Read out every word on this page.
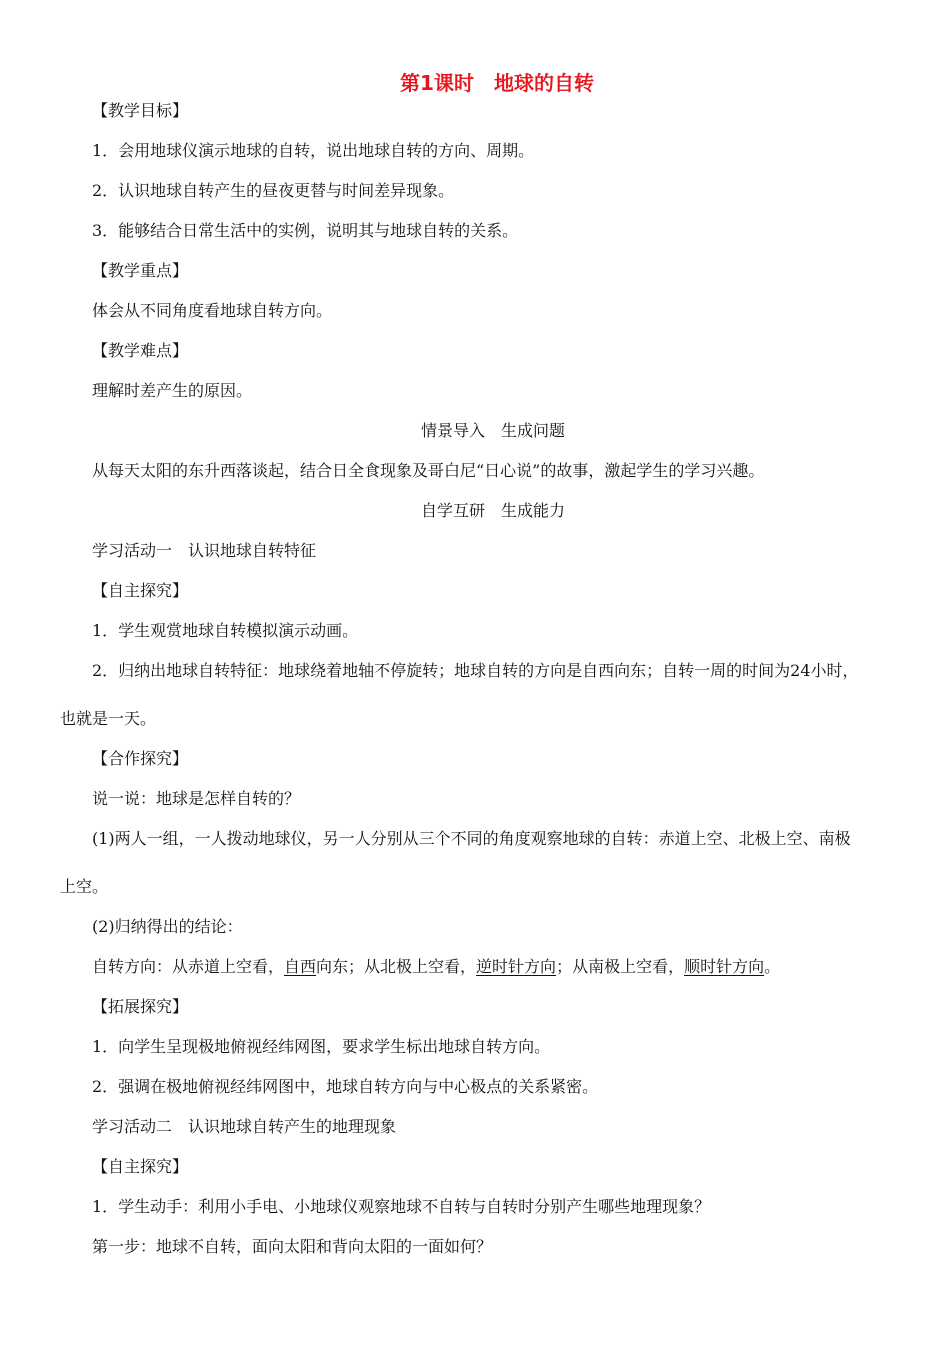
第1课时　地球的自转
【教学目标】
1．会用地球仪演示地球的自转，说出地球自转的方向、周期。
2．认识地球自转产生的昼夜更替与时间差异现象。
3．能够结合日常生活中的实例，说明其与地球自转的关系。
【教学重点】
体会从不同角度看地球自转方向。
【教学难点】
理解时差产生的原因。
情景导入　生成问题
从每天太阳的东升西落谈起，结合日全食现象及哥白尼“日心说”的故事，激起学生的学习兴趣。
自学互研　生成能力
学习活动一　认识地球自转特征
【自主探究】
1．学生观赏地球自转模拟演示动画。
2．归纳出地球自转特征：地球绕着地轴不停旋转；地球自转的方向是自西向东；自转一周的时间为24小时，
也就是一天。
【合作探究】
说一说：地球是怎样自转的？
(1)两人一组，一人拨动地球仪，另一人分别从三个不同的角度观察地球的自转：赤道上空、北极上空、南极
上空。
(2)归纳得出的结论：
自转方向：从赤道上空看，自西向东；从北极上空看，逆时针方向；从南极上空看，顺时针方向。
【拓展探究】
1．向学生呈现极地俯视经纬网图，要求学生标出地球自转方向。
2．强调在极地俯视经纬网图中，地球自转方向与中心极点的关系紧密。
学习活动二　认识地球自转产生的地理现象
【自主探究】
1．学生动手：利用小手电、小地球仪观察地球不自转与自转时分别产生哪些地理现象？
第一步：地球不自转，面向太阳和背向太阳的一面如何？
